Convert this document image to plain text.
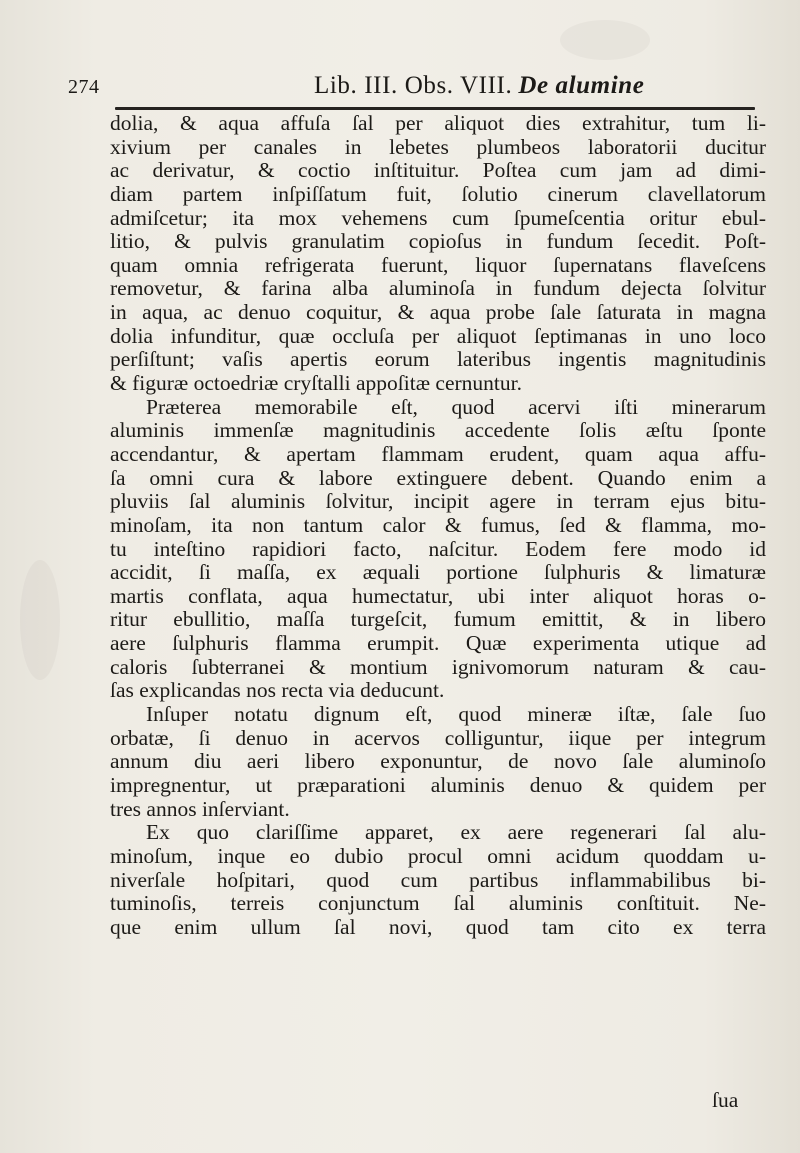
274	Lib. III. Obs. VIII. De alumine
dolia, & aqua affuſa ſal per aliquot dies extrahitur, tum li-
xivium per canales in lebetes plumbeos laboratorii ducitur
ac derivatur, & coctio inſtituitur. Poſtea cum jam ad dimi-
diam partem inſpiſſatum fuit, ſolutio cinerum clavellatorum
admiſcetur; ita mox vehemens cum ſpumeſcentia oritur ebul-
litio, & pulvis granulatim copioſus in fundum ſecedit. Poſt-
quam omnia refrigerata fuerunt, liquor ſupernatans flaveſcens
removetur, & farina alba aluminoſa in fundum dejecta ſolvitur
in aqua, ac denuo coquitur, & aqua probe ſale ſaturata in magna
dolia infunditur, quæ occluſa per aliquot ſeptimanas in uno loco
perſiſtunt; vaſis apertis eorum lateribus ingentis magnitudinis
& figuræ octoedriæ cryſtalli appoſitæ cernuntur.
Præterea memorabile eſt, quod acervi iſti minerarum
aluminis immenſæ magnitudinis accedente ſolis æſtu ſponte
accendantur, & apertam flammam erudent, quam aqua affu-
ſa omni cura & labore extinguere debent. Quando enim a
pluviis ſal aluminis ſolvitur, incipit agere in terram ejus bitu-
minoſam, ita non tantum calor & fumus, ſed & flamma, mo-
tu inteſtino rapidiori facto, naſcitur. Eodem fere modo id
accidit, ſi maſſa, ex æquali portione ſulphuris & limaturæ
martis conflata, aqua humectatur, ubi inter aliquot horas o-
ritur ebullitio, maſſa turgeſcit, fumum emittit, & in libero
aere ſulphuris flamma erumpit. Quæ experimenta utique ad
caloris ſubterranei & montium ignivomorum naturam & cau-
ſas explicandas nos recta via deducunt.
Inſuper notatu dignum eſt, quod mineræ iſtæ, ſale ſuo
orbatæ, ſi denuo in acervos colliguntur, iique per integrum
annum diu aeri libero exponuntur, de novo ſale aluminoſo
impregnentur, ut præparationi aluminis denuo & quidem per
tres annos inſerviant.
Ex quo clariſſime apparet, ex aere regenerari ſal alu-
minoſum, inque eo dubio procul omni acidum quoddam u-
niverſale hoſpitari, quod cum partibus inflammabilibus bi-
tuminoſis, terreis conjunctum ſal aluminis conſtituit. Ne-
que enim ullum ſal novi, quod tam cito ex terra
ſua
